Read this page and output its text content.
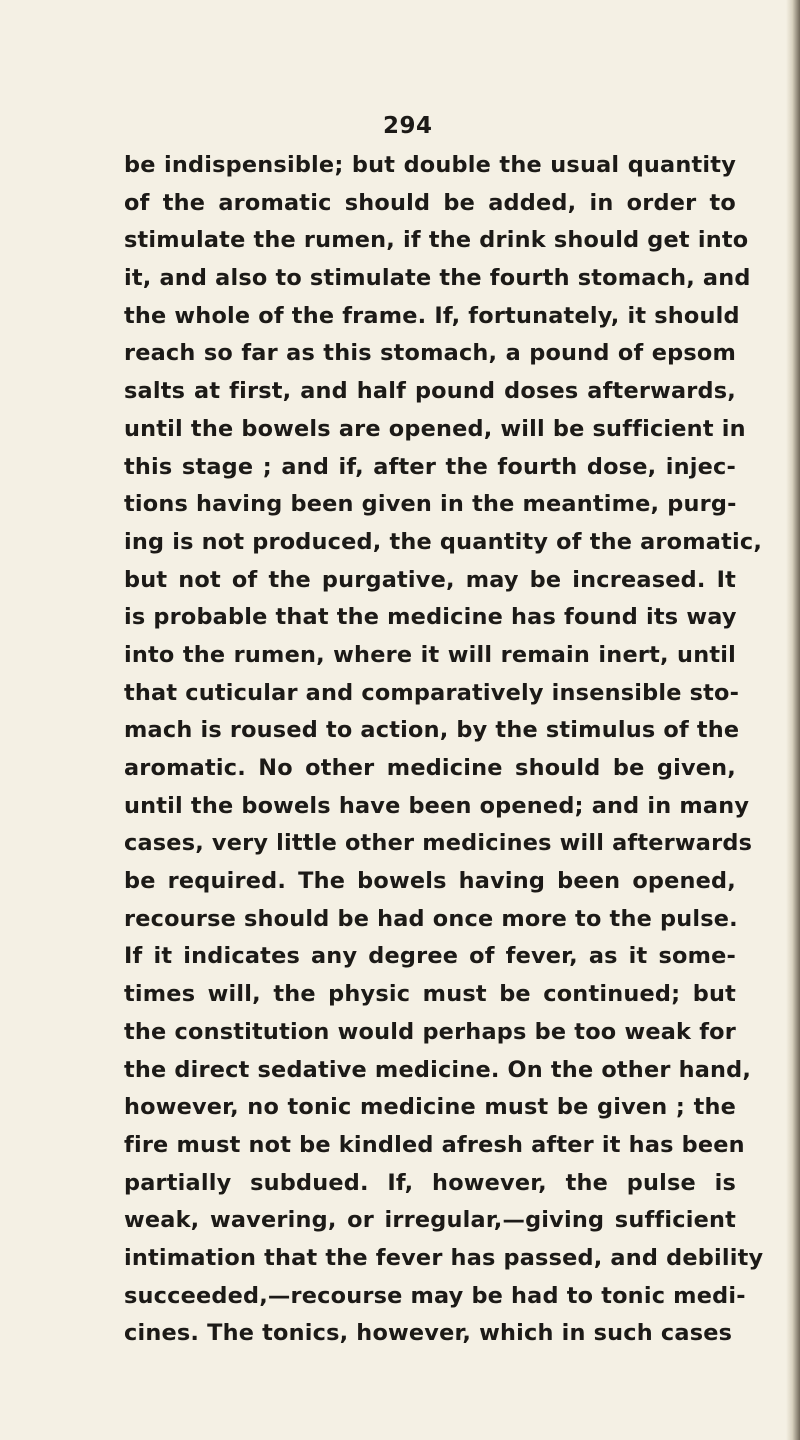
294
be indispensible; but double the usual quantity
of the aromatic should be added, in order to
stimulate the rumen, if the drink should get into
it, and also to stimulate the fourth stomach, and
the whole of the frame. If, fortunately, it should
reach so far as this stomach, a pound of epsom
salts at first, and half pound doses afterwards,
until the bowels are opened, will be sufficient in
this stage ; and if, after the fourth dose, injec-
tions having been given in the meantime, purg-
ing is not produced, the quantity of the aromatic,
but not of the purgative, may be increased. It
is probable that the medicine has found its way
into the rumen, where it will remain inert, until
that cuticular and comparatively insensible sto-
mach is roused to action, by the stimulus of the
aromatic. No other medicine should be given,
until the bowels have been opened; and in many
cases, very little other medicines will afterwards
be required. The bowels having been opened,
recourse should be had once more to the pulse.
If it indicates any degree of fever, as it some-
times will, the physic must be continued; but
the constitution would perhaps be too weak for
the direct sedative medicine. On the other hand,
however, no tonic medicine must be given ; the
fire must not be kindled afresh after it has been
partially subdued. If, however, the pulse is
weak, wavering, or irregular,—giving sufficient
intimation that the fever has passed, and debility
succeeded,—recourse may be had to tonic medi-
cines. The tonics, however, which in such cases
